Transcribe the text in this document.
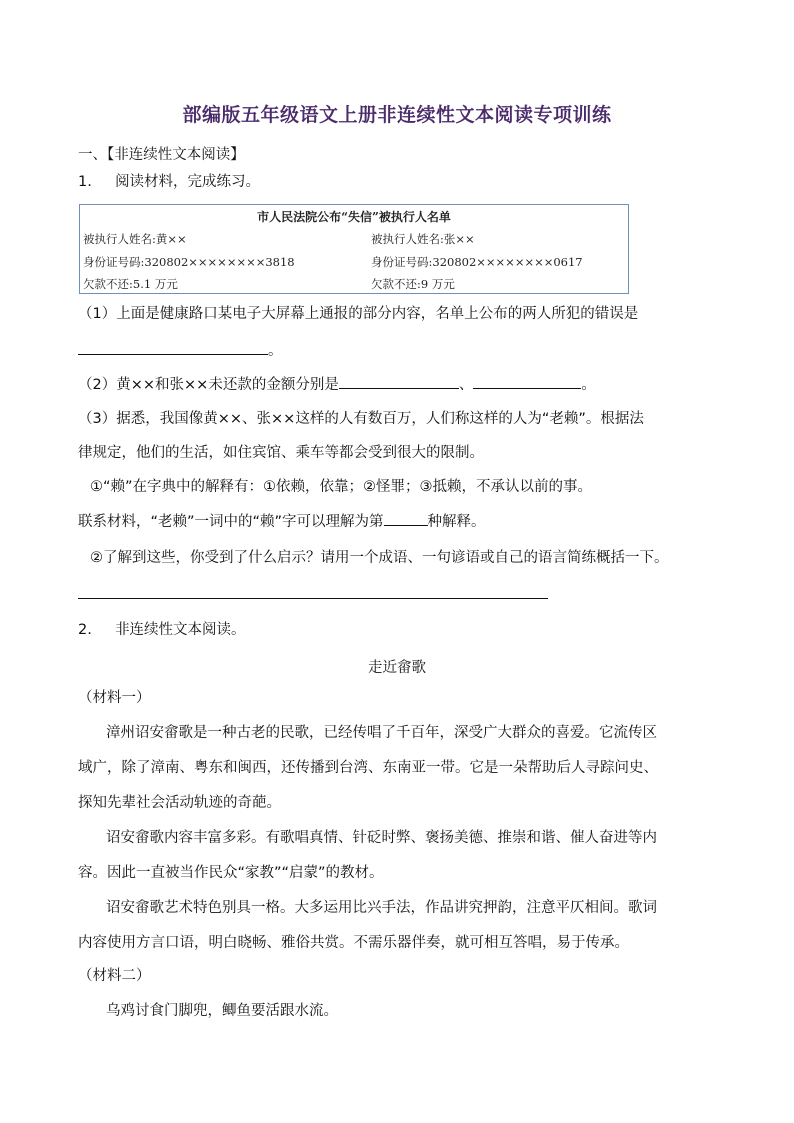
部编版五年级语文上册非连续性文本阅读专项训练
一、【非连续性文本阅读】
1. 阅读材料，完成练习。
市人民法院公布“失信”被执行人名单
被执行人姓名:黄××	被执行人姓名:张××
身份证号码:320802××××××××3818	身份证号码:320802××××××××0617
欠款不还:5.1 万元	欠款不还:9 万元
（1）上面是健康路口某电子大屏幕上通报的部分内容，名单上公布的两人所犯的错误是
。
（2）黄××和张××未还款的金额分别是	、	。
（3）据悉，我国像黄××、张××这样的人有数百万，人们称这样的人为“老赖”。根据法
律规定，他们的生活，如住宾馆、乘车等都会受到很大的限制。
①“赖”在字典中的解释有：①依赖，依靠；②怪罪；③抵赖，不承认以前的事。
联系材料，“老赖”一词中的“赖”字可以理解为第	种解释。
②了解到这些，你受到了什么启示？请用一个成语、一句谚语或自己的语言简练概括一下。
2. 非连续性文本阅读。
走近畲歌
（材料一）
漳州诏安畲歌是一种古老的民歌，已经传唱了千百年，深受广大群众的喜爱。它流传区
域广，除了漳南、粤东和闽西，还传播到台湾、东南亚一带。它是一朵帮助后人寻踪问史、
探知先辈社会活动轨迹的奇葩。
诏安畲歌内容丰富多彩。有歌唱真情、针砭时弊、褒扬美德、推崇和谐、催人奋进等内
容。因此一直被当作民众“家教”“启蒙”的教材。
诏安畲歌艺术特色别具一格。大多运用比兴手法，作品讲究押韵，注意平仄相间。歌词
内容使用方言口语，明白晓畅、雅俗共赏。不需乐器伴奏，就可相互答唱，易于传承。
（材料二）
乌鸡讨食门脚兜，鲫鱼要活跟水流。
